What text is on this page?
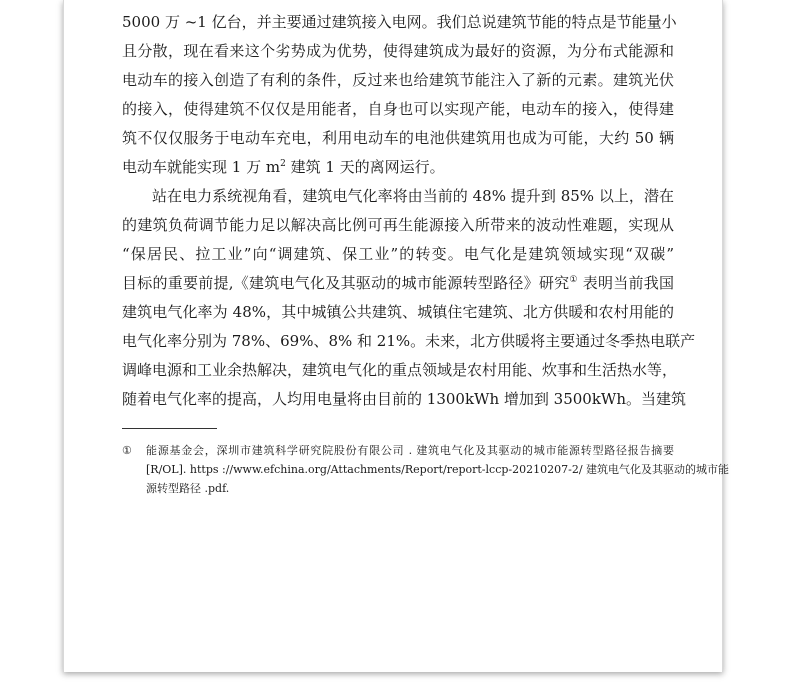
5000 万 ~1 亿台，并主要通过建筑接入电网。我们总说建筑节能的特点是节能量小
且分散，现在看来这个劣势成为优势，使得建筑成为最好的资源，为分布式能源和
电动车的接入创造了有利的条件，反过来也给建筑节能注入了新的元素。建筑光伏
的接入，使得建筑不仅仅是用能者，自身也可以实现产能，电动车的接入，使得建
筑不仅仅服务于电动车充电，利用电动车的电池供建筑用也成为可能，大约 50 辆
电动车就能实现 1 万 $m^2$ 建筑 1 天的离网运行。

站在电力系统视角看，建筑电气化率将由当前的 48% 提升到 85% 以上，潜在
的建筑负荷调节能力足以解决高比例可再生能源接入所带来的波动性难题，实现从
“保居民、拉工业”向“调建筑、保工业”的转变。电气化是建筑领域实现“双碳”
目标的重要前提,《建筑电气化及其驱动的城市能源转型路径》研究① 表明当前我国
建筑电气化率为 48%，其中城镇公共建筑、城镇住宅建筑、北方供暖和农村用能的
电气化率分别为 78%、69%、8% 和 21%。未来，北方供暖将主要通过冬季热电联产
调峰电源和工业余热解决，建筑电气化的重点领域是农村用能、炊事和生活热水等，
随着电气化率的提高，人均用电量将由目前的 1300kWh 增加到 3500kWh。当建筑

① 能源基金会，深圳市建筑科学研究院股份有限公司 . 建筑电气化及其驱动的城市能源转型路径报告摘要
[R/OL]. https ://www.efchina.org/Attachments/Report/report-lccp-20210207-2/ 建筑电气化及其驱动的城市能
源转型路径 .pdf.
